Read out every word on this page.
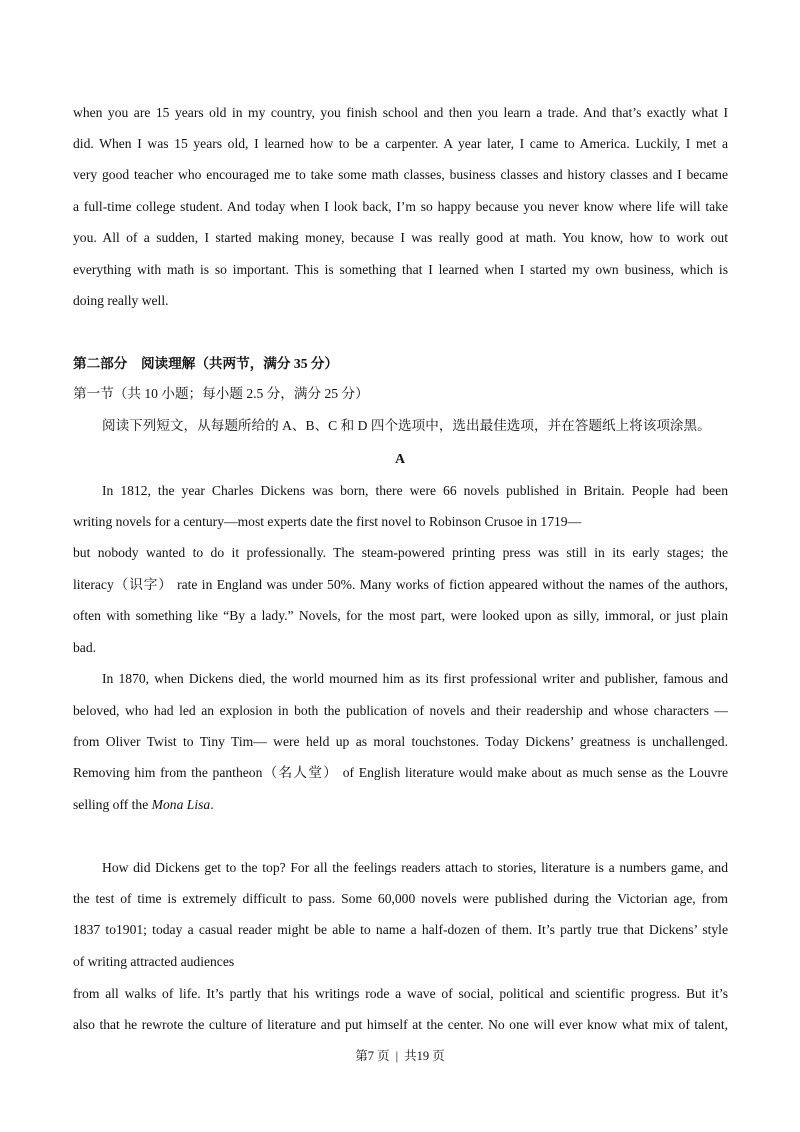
when you are 15 years old in my country, you finish school and then you learn a trade. And that’s exactly what I
did. When I was 15 years old, I learned how to be a carpenter. A year later, I came to America. Luckily, I met a
very good teacher who encouraged me to take some math classes, business classes and history classes and I became
a full-time college student. And today when I look back, I’m so happy because you never know where life will take
you. All of a sudden, I started making money, because I was really good at math. You know, how to work out
everything with math is so important. This is something that I learned when I started my own business, which is
doing really well.
第二部分　阅读理解（共两节，满分 35 分）
第一节（共 10 小题；每小题 2.5 分，满分 25 分）
阅读下列短文，从每题所给的 A、B、C 和 D 四个选项中，选出最佳选项，并在答题纸上将该项涂黑。
A
In 1812, the year Charles Dickens was born, there were 66 novels published in Britain. People had been
writing novels for a century—most experts date the first novel to Robinson Crusoe in 1719—
but nobody wanted to do it professionally. The steam-powered printing press was still in its early stages; the
literacy（识字） rate in England was under 50%. Many works of fiction appeared without the names of the authors,
often with something like “By a lady.” Novels, for the most part, were looked upon as silly, immoral, or just plain
bad.
In 1870, when Dickens died, the world mourned him as its first professional writer and publisher, famous and
beloved, who had led an explosion in both the publication of novels and their readership and whose characters —
from Oliver Twist to Tiny Tim— were held up as moral touchstones. Today Dickens’ greatness is unchallenged.
Removing him from the pantheon（名人堂） of English literature would make about as much sense as the Louvre
selling off the Mona Lisa.
How did Dickens get to the top? For all the feelings readers attach to stories, literature is a numbers game, and
the test of time is extremely difficult to pass. Some 60,000 novels were published during the Victorian age, from
1837 to1901; today a casual reader might be able to name a half-dozen of them. It’s partly true that Dickens’ style
of writing attracted audiences
from all walks of life. It’s partly that his writings rode a wave of social, political and scientific progress. But it’s
also that he rewrote the culture of literature and put himself at the center. No one will ever know what mix of talent,
第7 页 | 共19 页
